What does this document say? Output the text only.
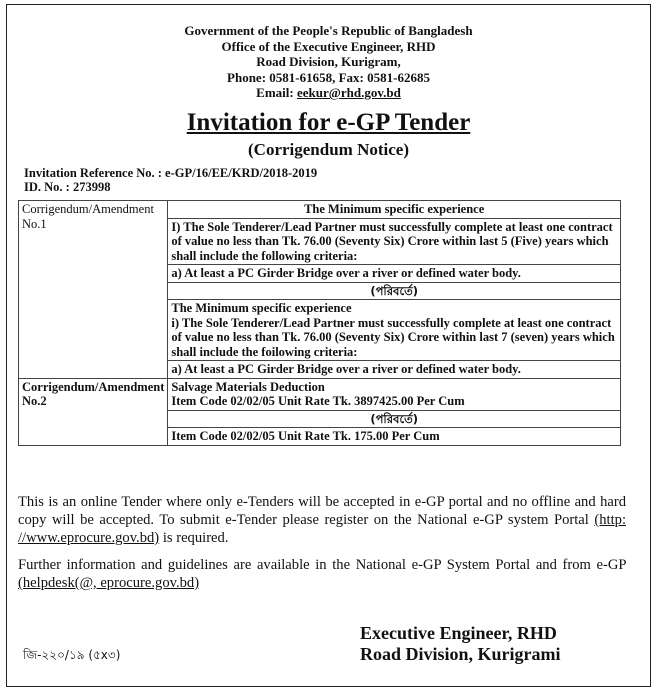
Government of the People's Republic of Bangladesh
Office of the Executive Engineer, RHD
Road Division, Kurigram,
Phone: 0581-61658, Fax: 0581-62685
Email: eekur@rhd.gov.bd
Invitation for e-GP Tender
(Corrigendum Notice)
Invitation Reference No. : e-GP/16/EE/KRD/2018-2019
ID. No. : 273998
Corrigendum/Amendment No.1	The Minimum specific experience
	I) The Sole Tenderer/Lead Partner must successfully complete at least one contract of value no less than Tk. 76.00 (Seventy Six) Crore within last 5 (Five) years which shall include the following criteria:
	a) At least a PC Girder Bridge over a river or defined water body.
	(পরিবর্তে)

	The Minimum specific experience
i) The Sole Tenderer/Lead Partner must successfully complete at least one contract of value no less than Tk. 76.00 (Seventy Six) Crore within last 7 (seven) years which shall include the foilowing criteria:

	a) At least a PC Girder Bridge over a river or defined water body.
Corrigendum/Amendment No.2	Salvage Materials Deduction
Item Code 02/02/05 Unit Rate Tk. 3897425.00 Per Cum

	(পরিবর্তে)
	Item Code 02/02/05 Unit Rate Tk. 175.00 Per Cum
This is an online Tender where only e-Tenders will be accepted in e-GP portal and no offline and hard copy will be accepted. To submit e-Tender please register on the National e-GP system Portal (http: //www.eprocure.gov.bd) is required.
Further information and guidelines are available in the National e-GP System Portal and from e-GP (helpdesk(@, eprocure.gov.bd)
Executive Engineer, RHD
Road Division, Kurigrami
জি-২২০/১৯ (৫x৩)
